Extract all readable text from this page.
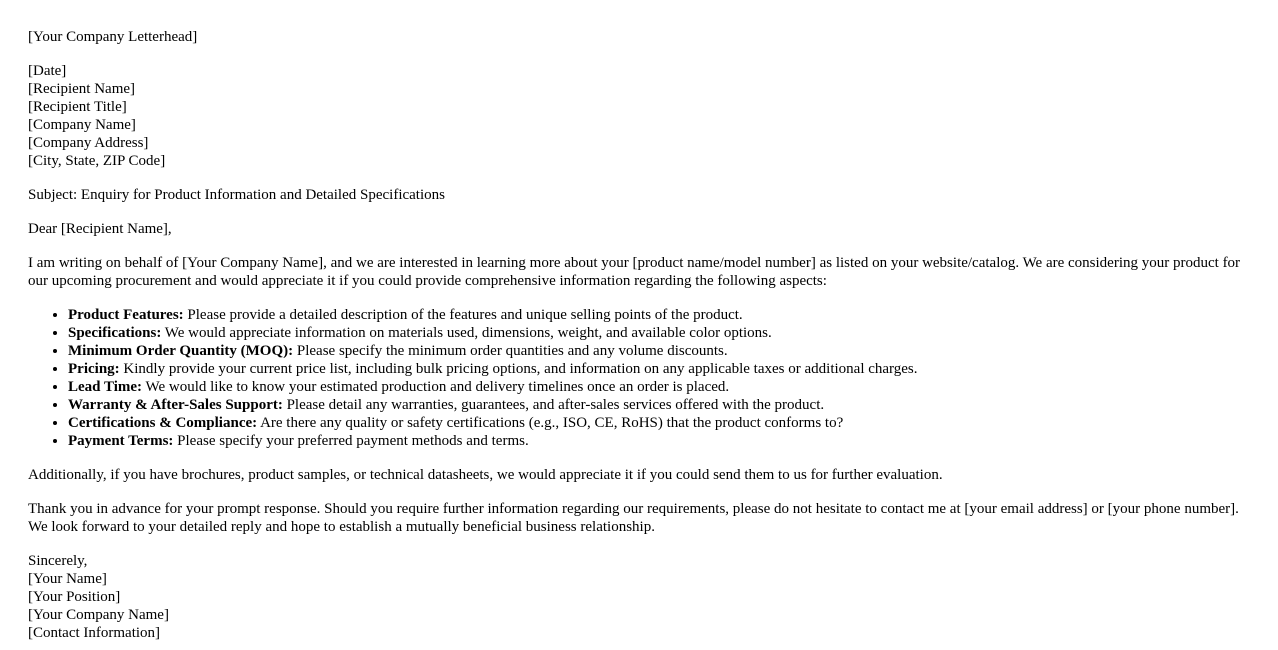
[Your Company Letterhead]
[Date]
[Recipient Name]
[Recipient Title]
[Company Name]
[Company Address]
[City, State, ZIP Code]
Subject: Enquiry for Product Information and Detailed Specifications
Dear [Recipient Name],
I am writing on behalf of [Your Company Name], and we are interested in learning more about your [product name/model number] as listed on your website/catalog. We are considering your product for our upcoming procurement and would appreciate it if you could provide comprehensive information regarding the following aspects:
• Product Features: Please provide a detailed description of the features and unique selling points of the product.
• Specifications: We would appreciate information on materials used, dimensions, weight, and available color options.
• Minimum Order Quantity (MOQ): Please specify the minimum order quantities and any volume discounts.
• Pricing: Kindly provide your current price list, including bulk pricing options, and information on any applicable taxes or additional charges.
• Lead Time: We would like to know your estimated production and delivery timelines once an order is placed.
• Warranty & After-Sales Support: Please detail any warranties, guarantees, and after-sales services offered with the product.
• Certifications & Compliance: Are there any quality or safety certifications (e.g., ISO, CE, RoHS) that the product conforms to?
• Payment Terms: Please specify your preferred payment methods and terms.
Additionally, if you have brochures, product samples, or technical datasheets, we would appreciate it if you could send them to us for further evaluation.
Thank you in advance for your prompt response. Should you require further information regarding our requirements, please do not hesitate to contact me at [your email address] or [your phone number]. We look forward to your detailed reply and hope to establish a mutually beneficial business relationship.
Sincerely,
[Your Name]
[Your Position]
[Your Company Name]
[Contact Information]
